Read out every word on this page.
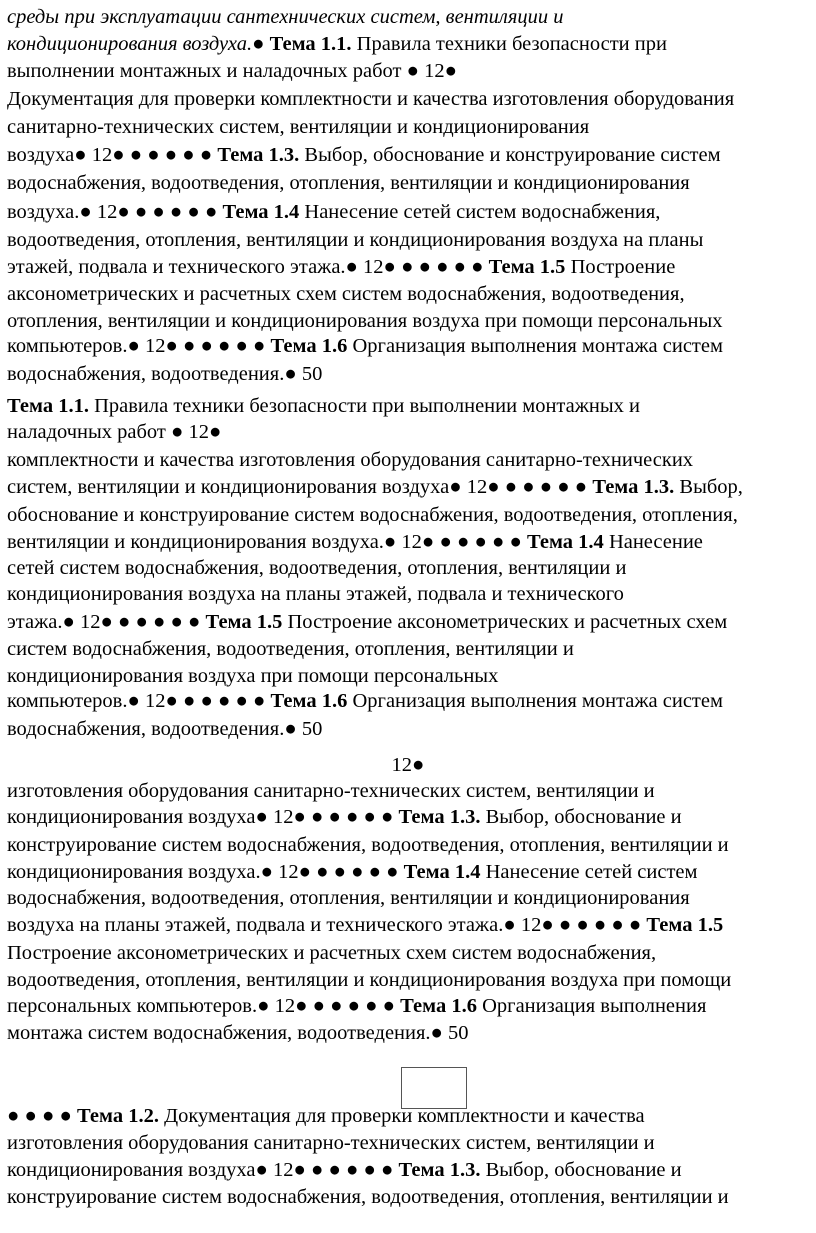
среды при эксплуатации сантехнических систем, вентиляции и
кондиционирования воздуха.● Тема 1.1. Правила техники безопасности при
выполнении монтажных и наладочных работ ● 12●
Документация для проверки комплектности и качества изготовления оборудования
санитарно-технических систем, вентиляции и кондиционирования
воздуха● 12● ● ● ● ● ● Тема 1.3. Выбор, обоснование и конструирование систем
водоснабжения, водоотведения, отопления, вентиляции и кондиционирования
воздуха.● 12● ● ● ● ● ● Тема 1.4 Нанесение сетей систем водоснабжения,
водоотведения, отопления, вентиляции и кондиционирования воздуха на планы
этажей, подвала и технического этажа.● 12● ● ● ● ● ● Тема 1.5 Построение
аксонометрических и расчетных схем систем водоснабжения, водоотведения,
отопления, вентиляции и кондиционирования воздуха при помощи персональных
компьютеров.● 12● ● ● ● ● ● Тема 1.6 Организация выполнения монтажа систем
водоснабжения, водоотведения.● 50
Тема 1.1. Правила техники безопасности при выполнении монтажных и
наладочных работ ● 12●
комплектности и качества изготовления оборудования санитарно-технических
систем, вентиляции и кондиционирования воздуха● 12● ● ● ● ● ● Тема 1.3. Выбор,
обоснование и конструирование систем водоснабжения, водоотведения, отопления,
вентиляции и кондиционирования воздуха.● 12● ● ● ● ● ● Тема 1.4 Нанесение
сетей систем водоснабжения, водоотведения, отопления, вентиляции и
кондиционирования воздуха на планы этажей, подвала и технического
этажа.● 12● ● ● ● ● ● Тема 1.5 Построение аксонометрических и расчетных схем
систем водоснабжения, водоотведения, отопления, вентиляции и
кондиционирования воздуха при помощи персональных
компьютеров.● 12● ● ● ● ● ● Тема 1.6 Организация выполнения монтажа систем
водоснабжения, водоотведения.● 50
12●
изготовления оборудования санитарно-технических систем, вентиляции и
кондиционирования воздуха● 12● ● ● ● ● ● Тема 1.3. Выбор, обоснование и
конструирование систем водоснабжения, водоотведения, отопления, вентиляции и
кондиционирования воздуха.● 12● ● ● ● ● ● Тема 1.4 Нанесение сетей систем
водоснабжения, водоотведения, отопления, вентиляции и кондиционирования
воздуха на планы этажей, подвала и технического этажа.● 12● ● ● ● ● ● Тема 1.5
Построение аксонометрических и расчетных схем систем водоснабжения,
водоотведения, отопления, вентиляции и кондиционирования воздуха при помощи
персональных компьютеров.● 12● ● ● ● ● ● Тема 1.6 Организация выполнения
монтажа систем водоснабжения, водоотведения.● 50
● ● ● ● Тема 1.2. Документация для проверки комплектности и качества
изготовления оборудования санитарно-технических систем, вентиляции и
кондиционирования воздуха● 12● ● ● ● ● ● Тема 1.3. Выбор, обоснование и
конструирование систем водоснабжения, водоотведения, отопления, вентиляции и
